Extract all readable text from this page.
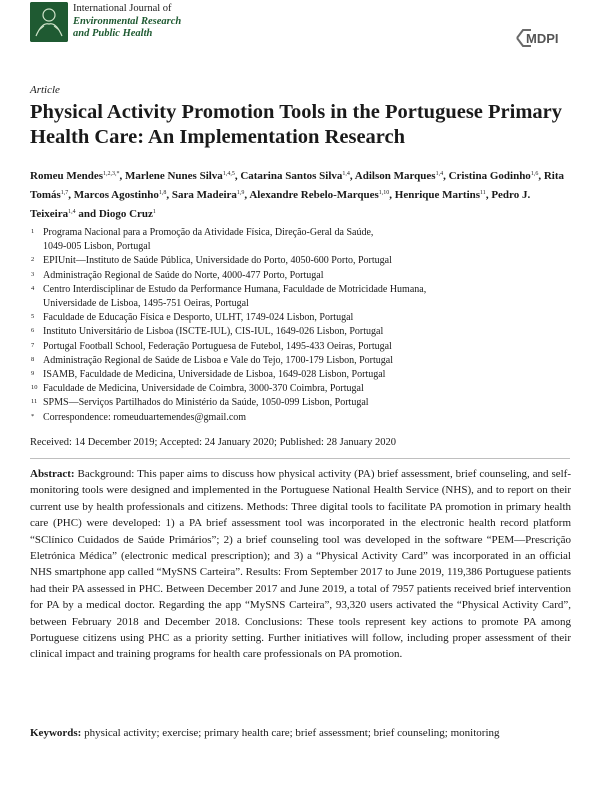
International Journal of
Environmental Research
and Public Health	MDPI
Article
Physical Activity Promotion Tools in the Portuguese Primary Health Care: An Implementation Research
Romeu Mendes$^{1,2,3,*}$, Marlene Nunes Silva$^{1,4,5}$, Catarina Santos Silva$^{1,4}$, Adilson Marques$^{1,4}$, Cristina Godinho$^{1,6}$, Rita Tomás$^{1,7}$, Marcos Agostinho$^{1,8}$, Sara Madeira$^{1,9}$, Alexandre Rebelo-Marques$^{1,10}$, Henrique Martins$^{11}$, Pedro J. Teixeira$^{1,4}$ and Diogo Cruz$^1$
1 Programa Nacional para a Promoção da Atividade Física, Direção-Geral da Saúde,
1049-005 Lisbon, Portugal
2 EPIUnit—Instituto de Saúde Pública, Universidade do Porto, 4050-600 Porto, Portugal
3 Administração Regional de Saúde do Norte, 4000-477 Porto, Portugal
4 Centro Interdisciplinar de Estudo da Performance Humana, Faculdade de Motricidade Humana,
Universidade de Lisboa, 1495-751 Oeiras, Portugal
5 Faculdade de Educação Física e Desporto, ULHT, 1749-024 Lisbon, Portugal
6 Instituto Universitário de Lisboa (ISCTE-IUL), CIS-IUL, 1649-026 Lisbon, Portugal
7 Portugal Football School, Federação Portuguesa de Futebol, 1495-433 Oeiras, Portugal
8 Administração Regional de Saúde de Lisboa e Vale do Tejo, 1700-179 Lisbon, Portugal
9 ISAMB, Faculdade de Medicina, Universidade de Lisboa, 1649-028 Lisbon, Portugal
10 Faculdade de Medicina, Universidade de Coimbra, 3000-370 Coimbra, Portugal
11 SPMS—Serviços Partilhados do Ministério da Saúde, 1050-099 Lisbon, Portugal
* Correspondence: romeuduartemendes@gmail.com
Received: 14 December 2019; Accepted: 24 January 2020; Published: 28 January 2020
Abstract: Background: This paper aims to discuss how physical activity (PA) brief assessment, brief counseling, and self-monitoring tools were designed and implemented in the Portuguese National Health Service (NHS), and to report on their current use by health professionals and citizens. Methods: Three digital tools to facilitate PA promotion in primary health care (PHC) were developed: 1) a PA brief assessment tool was incorporated in the electronic health record platform “SClínico Cuidados de Saúde Primários”; 2) a brief counseling tool was developed in the software “PEM—Prescrição Eletrónica Médica” (electronic medical prescription); and 3) a “Physical Activity Card” was incorporated in an official NHS smartphone app called “MySNS Carteira”. Results: From September 2017 to June 2019, 119,386 Portuguese patients had their PA assessed in PHC. Between December 2017 and June 2019, a total of 7957 patients received brief intervention for PA by a medical doctor. Regarding the app “MySNS Carteira”, 93,320 users activated the “Physical Activity Card”, between February 2018 and December 2018. Conclusions: These tools represent key actions to promote PA among Portuguese citizens using PHC as a priority setting. Further initiatives will follow, including proper assessment of their clinical impact and training programs for health care professionals on PA promotion.
Keywords: physical activity; exercise; primary health care; brief assessment; brief counseling; monitoring
